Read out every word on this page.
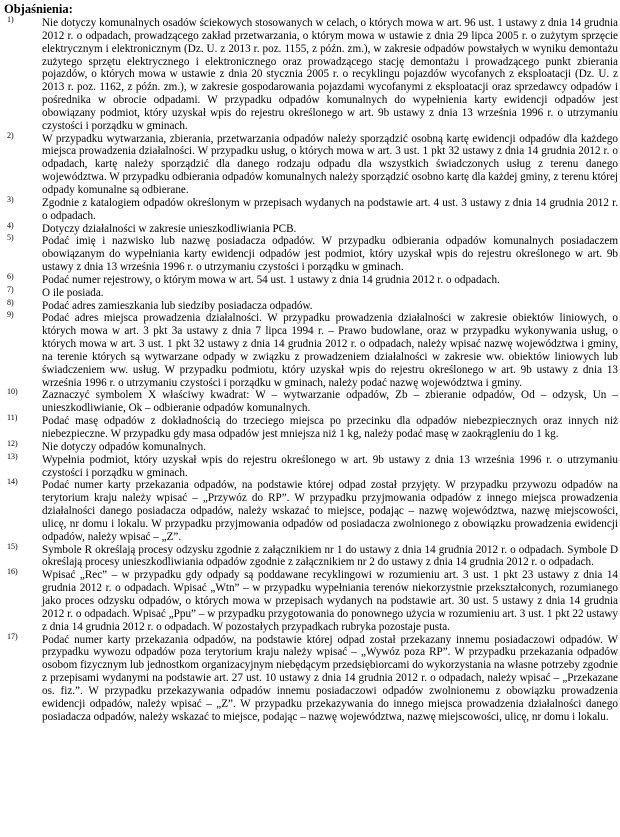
Objaśnienia:
1)	Nie dotyczy komunalnych osadów ściekowych stosowanych w celach, o których mowa w art. 96 ust. 1 ustawy z dnia 14 grudnia 2012 r. o odpadach, prowadzącego zakład przetwarzania, o którym mowa w ustawie z dnia 29 lipca 2005 r. o zużytym sprzęcie elektrycznym i elektronicznym (Dz. U. z 2013 r. poz. 1155, z późn. zm.), w zakresie odpadów powstałych w wyniku demontażu zużytego sprzętu elektrycznego i elektronicznego oraz prowadzącego stację demontażu i prowadzącego punkt zbierania pojazdów, o których mowa w ustawie z dnia 20 stycznia 2005 r. o recyklingu pojazdów wycofanych z eksploatacji (Dz. U. z 2013 r. poz. 1162, z późn. zm.), w zakresie gospodarowania pojazdami wycofanymi z eksploatacji oraz sprzedawcy odpadów i pośrednika w obrocie odpadami. W przypadku odpadów komunalnych do wypełnienia karty ewidencji odpadów jest obowiązany podmiot, który uzyskał wpis do rejestru określonego w art. 9b ustawy z dnia 13 września 1996 r. o utrzymaniu czystości i porządku w gminach.
2)	W przypadku wytwarzania, zbierania, przetwarzania odpadów należy sporządzić osobną kartę ewidencji odpadów dla każdego miejsca prowadzenia działalności. W przypadku usług, o których mowa w art. 3 ust. 1 pkt 32 ustawy z dnia 14 grudnia 2012 r. o odpadach, kartę należy sporządzić dla danego rodzaju odpadu dla wszystkich świadczonych usług z terenu danego województwa. W przypadku odbierania odpadów komunalnych należy sporządzić osobno kartę dla każdej gminy, z terenu której odpady komunalne są odbierane.
3)	Zgodnie z katalogiem odpadów określonym w przepisach wydanych na podstawie art. 4 ust. 3 ustawy z dnia 14 grudnia 2012 r. o odpadach.
4)	Dotyczy działalności w zakresie unieszkodliwiania PCB.
5)	Podać imię i nazwisko lub nazwę posiadacza odpadów. W przypadku odbierania odpadów komunalnych posiadaczem obowiązanym do wypełniania karty ewidencji odpadów jest podmiot, który uzyskał wpis do rejestru określonego w art. 9b ustawy z dnia 13 września 1996 r. o utrzymaniu czystości i porządku w gminach.
6)	Podać numer rejestrowy, o którym mowa w art. 54 ust. 1 ustawy z dnia 14 grudnia 2012 r. o odpadach.
7)	O ile posiada.
8)	Podać adres zamieszkania lub siedziby posiadacza odpadów.
9)	Podać adres miejsca prowadzenia działalności. W przypadku prowadzenia działalności w zakresie obiektów liniowych, o których mowa w art. 3 pkt 3a ustawy z dnia 7 lipca 1994 r. – Prawo budowlane, oraz w przypadku wykonywania usług, o których mowa w art. 3 ust. 1 pkt 32 ustawy z dnia 14 grudnia 2012 r. o odpadach, należy wpisać nazwę województwa i gminy, na terenie których są wytwarzane odpady w związku z prowadzeniem działalności w zakresie ww. obiektów liniowych lub świadczeniem ww. usług. W przypadku podmiotu, który uzyskał wpis do rejestru określonego w art. 9b ustawy z dnia 13 września 1996 r. o utrzymaniu czystości i porządku w gminach, należy podać nazwę województwa i gminy.
10) Zaznaczyć symbolem X właściwy kwadrat: W – wytwarzanie odpadów, Zb – zbieranie odpadów, Od – odzysk, Un – unieszkodliwianie, Ok – odbieranie odpadów komunalnych.
11) Podać masę odpadów z dokładnością do trzeciego miejsca po przecinku dla odpadów niebezpiecznych oraz innych niż niebezpieczne. W przypadku gdy masa odpadów jest mniejsza niż 1 kg, należy podać masę w zaokrągleniu do 1 kg.
12) Nie dotyczy odpadów komunalnych.
13) Wypełnia podmiot, który uzyskał wpis do rejestru określonego w art. 9b ustawy z dnia 13 września 1996 r. o utrzymaniu czystości i porządku w gminach.
14) Podać numer karty przekazania odpadów, na podstawie której odpad został przyjęty. W przypadku przywozu odpadów na terytorium kraju należy wpisać – „Przywóz do RP”. W przypadku przyjmowania odpadów z innego miejsca prowadzenia działalności danego posiadacza odpadów, należy wskazać to miejsce, podając – nazwę województwa, nazwę miejscowości, ulicę, nr domu i lokalu. W przypadku przyjmowania odpadów od posiadacza zwolnionego z obowiązku prowadzenia ewidencji odpadów, należy wpisać – „Z”.
15) Symbole R określają procesy odzysku zgodnie z załącznikiem nr 1 do ustawy z dnia 14 grudnia 2012 r. o odpadach. Symbole D określają procesy unieszkodliwiania odpadów zgodnie z załącznikiem nr 2 do ustawy z dnia 14 grudnia 2012 r. o odpadach.
16) Wpisać „Rec” – w przypadku gdy odpady są poddawane recyklingowi w rozumieniu art. 3 ust. 1 pkt 23 ustawy z dnia 14 grudnia 2012 r. o odpadach. Wpisać „Wtn” – w przypadku wypełniania terenów niekorzystnie przekształconych, rozumianego jako proces odzysku odpadów, o których mowa w przepisach wydanych na podstawie art. 30 ust. 5 ustawy z dnia 14 grudnia 2012 r. o odpadach. Wpisać „Ppu” – w przypadku przygotowania do ponownego użycia w rozumieniu art. 3 ust. 1 pkt 22 ustawy z dnia 14 grudnia 2012 r. o odpadach. W pozostałych przypadkach rubryka pozostaje pusta.
17) Podać numer karty przekazania odpadów, na podstawie której odpad został przekazany innemu posiadaczowi odpadów. W przypadku wywozu odpadów poza terytorium kraju należy wpisać – „Wywóz poza RP”. W przypadku przekazania odpadów osobom fizycznym lub jednostkom organizacyjnym niebędącym przedsiębiorcami do wykorzystania na własne potrzeby zgodnie z przepisami wydanymi na podstawie art. 27 ust. 10 ustawy z dnia 14 grudnia 2012 r. o odpadach, należy wpisać – „Przekazane os. fiz.”. W przypadku przekazywania odpadów innemu posiadaczowi odpadów zwolnionemu z obowiązku prowadzenia ewidencji odpadów, należy wpisać – „Z”. W przypadku przekazywania do innego miejsca prowadzenia działalności danego posiadacza odpadów, należy wskazać to miejsce, podając – nazwę województwa, nazwę miejscowości, ulicę, nr domu i lokalu.
